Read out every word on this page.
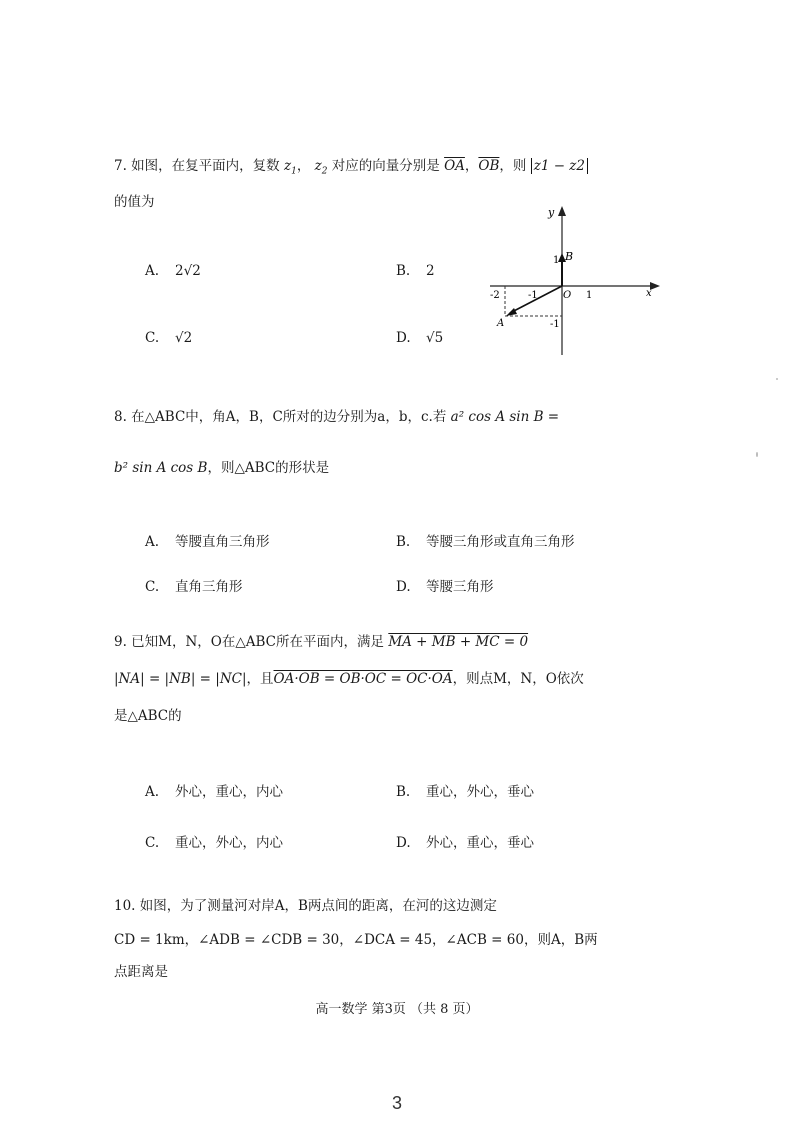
7. 如图，在复平面内，复数 $z_1$， $z_2$ 对应的向量分别是 $\overline{OA}$，$\overline{OB}$，则 z1 − z2
的值为
A. 2√2	B. 2
C. √2	D. √5
x
y
O
-2	-1	1
1
-1
A
B
8. 在△ABC中，角A，B，C所对的边分别为a，b，c.若 a² cos A sin B =
b² sin A cos B，则△ABC的形状是
A. 等腰直角三角形	B. 等腰三角形或直角三角形
C. 直角三角形	D. 等腰三角形
9. 已知M，N，O在△ABC所在平面内，满足 MA + MB + MC = 0
|NA| = |NB| = |NC|，且OA·OB = OB·OC = OC·OA，则点M，N，O依次
是△ABC的
A. 外心，重心，内心	B. 重心，外心，垂心
C. 重心，外心，内心	D. 外心，重心，垂心
10. 如图，为了测量河对岸A，B两点间的距离，在河的这边测定
CD = 1km，∠ADB = ∠CDB = 30，∠DCA = 45，∠ACB = 60，则A，B两
点距离是
高一数学 第3页 （共 8 页）
3
